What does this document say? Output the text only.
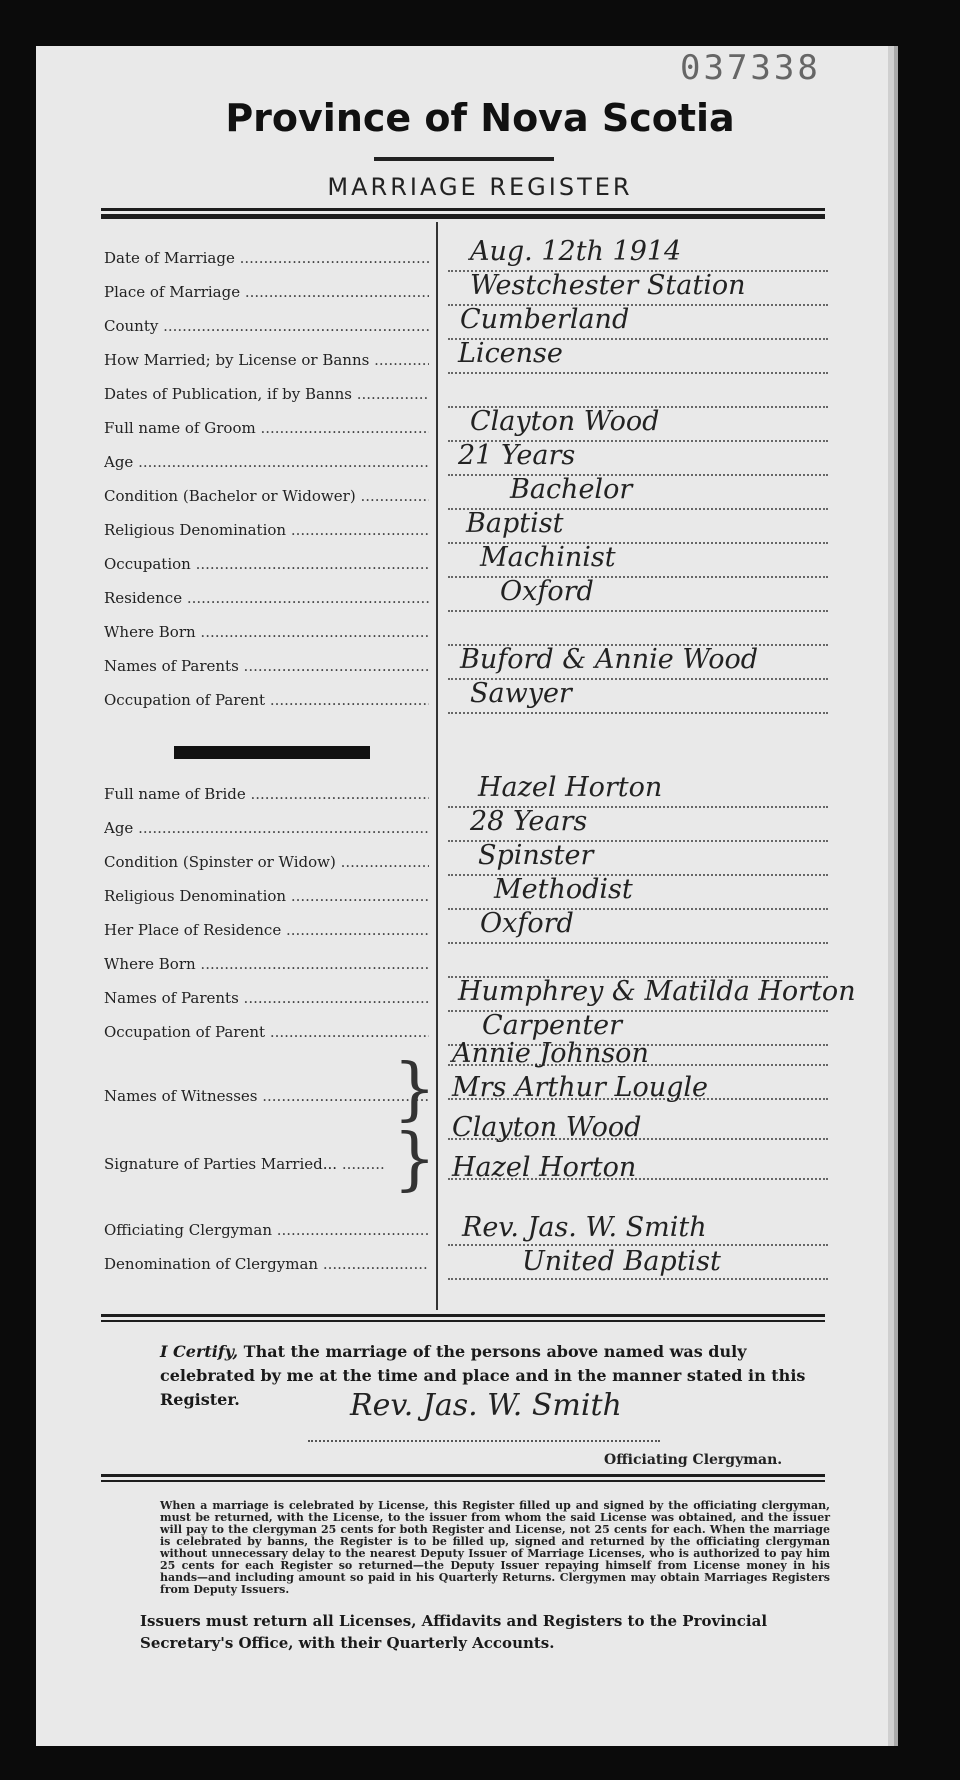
037338
Province of Nova Scotia
MARRIAGE REGISTER
Date of Marriage .....	Aug. 12th 1914
Place of Marriage .....	Westchester Station
County .....	Cumberland
How Married; by License or Banns .....	License
Dates of Publication, if by Banns .....
Full name of Groom .....	Clayton Wood
Age .....	21 Years
Condition (Bachelor or Widower) .....	Bachelor
Religious Denomination .....	Baptist
Occupation .....	Machinist
Residence .....	Oxford
Where Born .....
Names of Parents .....	Buford & Annie Wood
Occupation of Parent .....	Sawyer
Full name of Bride .....	Hazel Horton
Age .....	28 Years
Condition (Spinster or Widow) .....	Spinster
Religious Denomination .....	Methodist
Her Place of Residence .....	Oxford
Where Born .....
Names of Parents .....	Humphrey & Matilda Horton
Occupation of Parent .....	Carpenter
Names of Witnesses .....	} Annie Johnson
Mrs Arthur Lougle
Signature of Parties Married... ..... } Clayton Wood
Hazel Horton
Officiating Clergyman .....	Rev. Jas. W. Smith
Denomination of Clergyman .....	United Baptist
I Certify, That the marriage of the persons above named was duly celebrated by me at the time and place and in the manner stated in this Register.	Rev. Jas. W. Smith
Officiating Clergyman.
When a marriage is celebrated by License, this Register filled up and signed by the officiating clergyman, must be returned, with the License, to the issuer from whom the said License was obtained, and the issuer will pay to the clergyman 25 cents for both Register and License, not 25 cents for each. When the marriage is celebrated by banns, the Register is to be filled up, signed and returned by the officiating clergyman without unnecessary delay to the nearest Deputy Issuer of Marriage Licenses, who is authorized to pay him 25 cents for each Register so returned—the Deputy Issuer repaying himself from License money in his hands—and including amount so paid in his Quarterly Returns. Clergymen may obtain Marriages Registers from Deputy Issuers.
Issuers must return all Licenses, Affidavits and Registers to the Provincial Secretary's Office, with their Quarterly Accounts.
